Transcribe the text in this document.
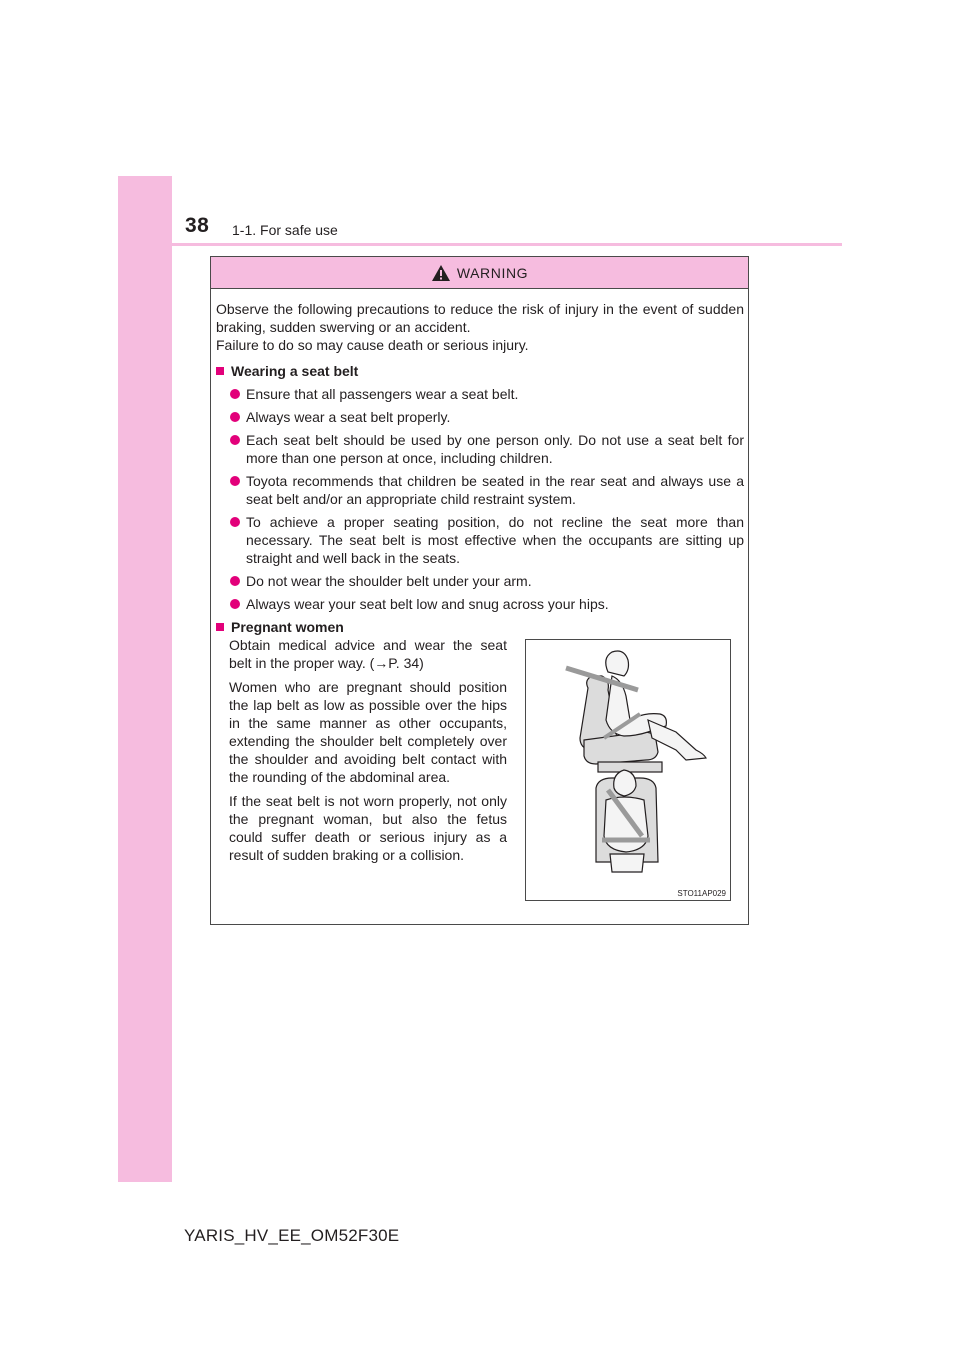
38 1-1. For safe use
WARNING

Observe the following precautions to reduce the risk of injury in the event of sudden braking, sudden swerving or an accident.

Failure to do so may cause death or serious injury.

Wearing a seat belt
Ensure that all passengers wear a seat belt.
Always wear a seat belt properly.
Each seat belt should be used by one person only. Do not use a seat belt for more than one person at once, including children.
Toyota recommends that children be seated in the rear seat and always use a seat belt and/or an appropriate child restraint system.
To achieve a proper seating position, do not recline the seat more than necessary. The seat belt is most effective when the occupants are sitting up straight and well back in the seats.
Do not wear the shoulder belt under your arm.
Always wear your seat belt low and snug across your hips.
Pregnant women

Obtain medical advice and wear the seat belt in the proper way. (→P. 34)

Women who are pregnant should position the lap belt as low as possible over the hips in the same manner as other occupants, extending the shoulder belt completely over the shoulder and avoiding belt contact with the rounding of the abdominal area.

If the seat belt is not worn properly, not only the pregnant woman, but also the fetus could suffer death or serious injury as a result of sudden braking or a collision.

STO11AP029
YARIS_HV_EE_OM52F30E
